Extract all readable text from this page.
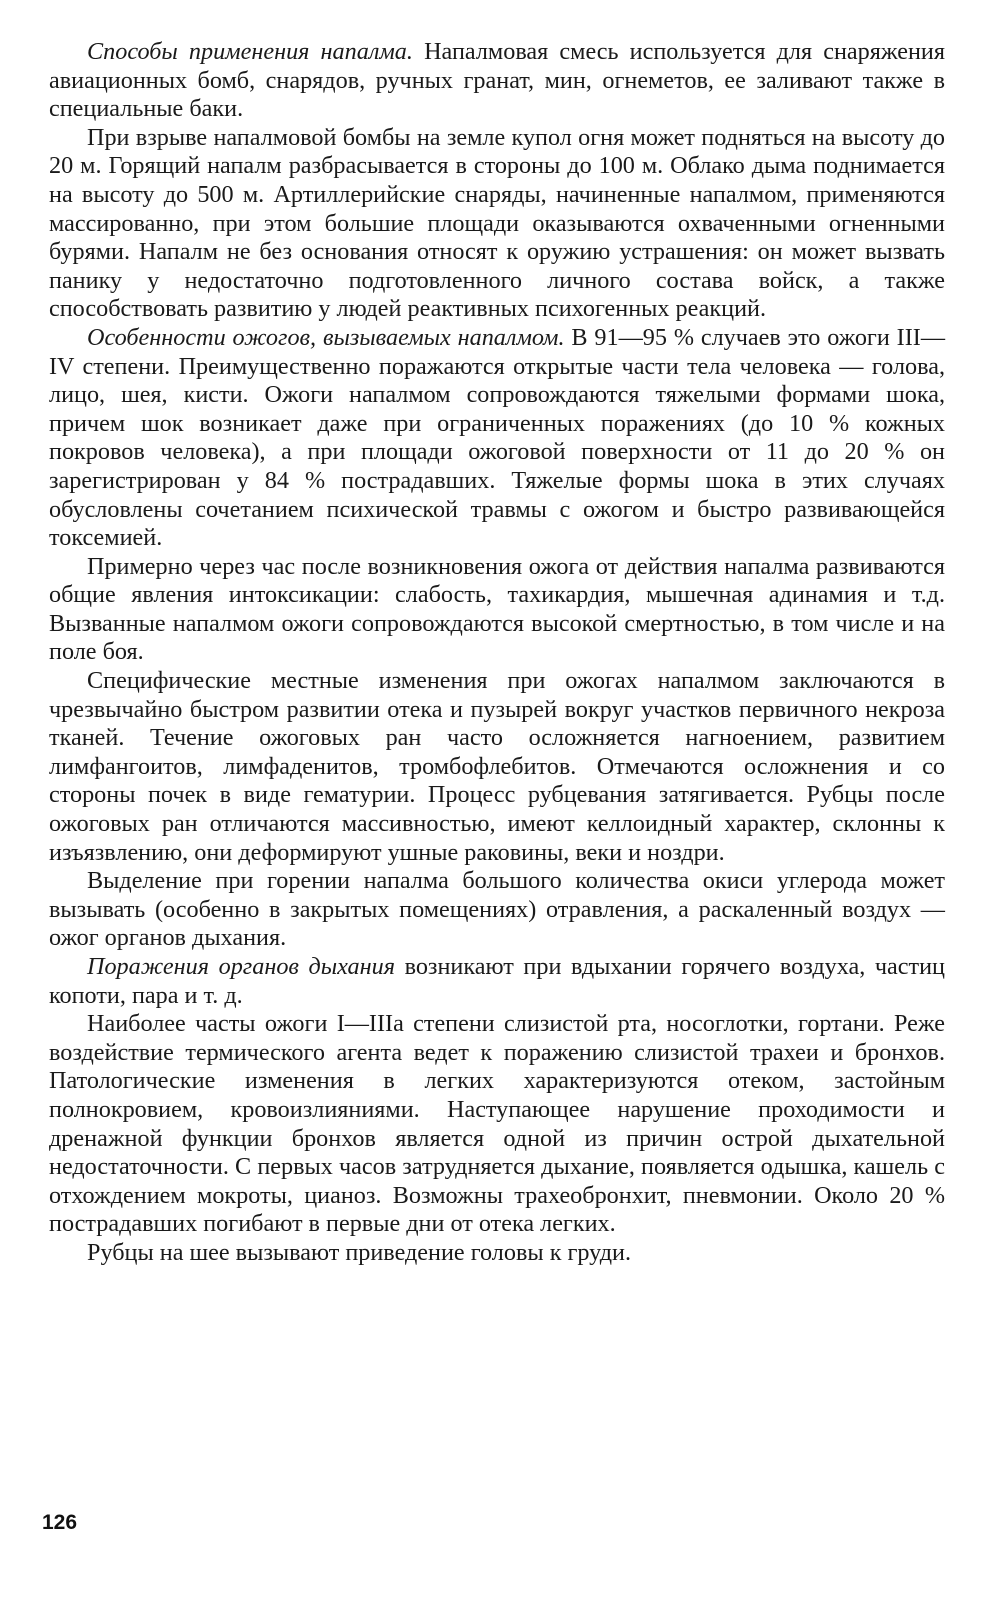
Способы применения напалма. Напалмовая смесь используется для снаряжения авиационных бомб, снарядов, ручных гранат, мин, огнеметов, ее заливают также в специальные баки.

При взрыве напалмовой бомбы на земле купол огня может подняться на высоту до 20 м. Горящий напалм разбрасывается в стороны до 100 м. Облако дыма поднимается на высоту до 500 м. Артиллерийские снаряды, начиненные напалмом, применяются массированно, при этом большие площади оказываются охваченными огненными бурями. Напалм не без основания относят к оружию устрашения: он может вызвать панику у недостаточно подготовленного личного состава войск, а также способствовать развитию у людей реактивных психогенных реакций.

Особенности ожогов, вызываемых напалмом. В 91—95 % случаев это ожоги III—IV степени. Преимущественно поражаются открытые части тела человека — голова, лицо, шея, кисти. Ожоги напалмом сопровождаются тяжелыми формами шока, причем шок возникает даже при ограниченных поражениях (до 10 % кожных покровов человека), а при площади ожоговой поверхности от 11 до 20 % он зарегистрирован у 84 % пострадавших. Тяжелые формы шока в этих случаях обусловлены сочетанием психической травмы с ожогом и быстро развивающейся токсемией.

Примерно через час после возникновения ожога от действия напалма развиваются общие явления интоксикации: слабость, тахикардия, мышечная адинамия и т.д. Вызванные напалмом ожоги сопровождаются высокой смертностью, в том числе и на поле боя.

Специфические местные изменения при ожогах напалмом заключаются в чрезвычайно быстром развитии отека и пузырей вокруг участков первичного некроза тканей. Течение ожоговых ран часто осложняется нагноением, развитием лимфангоитов, лимфаденитов, тромбофлебитов. Отмечаются осложнения и со стороны почек в виде гематурии. Процесс рубцевания затягивается. Рубцы после ожоговых ран отличаются массивностью, имеют келлоидный характер, склонны к изъязвлению, они деформируют ушные раковины, веки и ноздри.

Выделение при горении напалма большого количества окиси углерода может вызывать (особенно в закрытых помещениях) отравления, а раскаленный воздух — ожог органов дыхания.

Поражения органов дыхания возникают при вдыхании горячего воздуха, частиц копоти, пара и т. д.

Наиболее часты ожоги I—IIIa степени слизистой рта, носоглотки, гортани. Реже воздействие термического агента ведет к поражению слизистой трахеи и бронхов. Патологические изменения в легких характеризуются отеком, застойным полнокровием, кровоизлияниями. Наступающее нарушение проходимости и дренажной функции бронхов является одной из причин острой дыхательной недостаточности. С первых часов затрудняется дыхание, появляется одышка, кашель с отхождением мокроты, цианоз. Возможны трахеобронхит, пневмонии. Около 20 % пострадавших погибают в первые дни от отека легких.

Рубцы на шее вызывают приведение головы к груди.

126
